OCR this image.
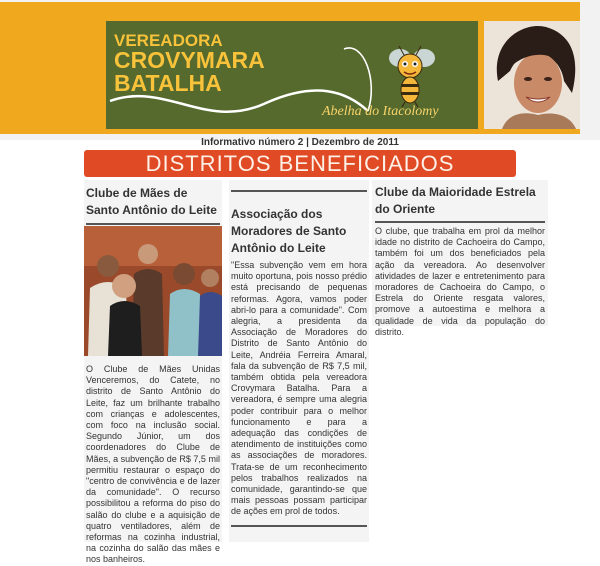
VEREADORA
CROVYMARA
BATALHA
Abelha do Itacolomy
Informativo número 2 | Dezembro de 2011
DISTRITOS BENEFICIADOS
Clube de Mães de Santo Antônio do Leite
O Clube de Mães Unidas Venceremos, do Catete, no distrito de Santo Antônio do Leite, faz um brilhante trabalho com crianças e adolescentes, com foco na inclusão social. Segundo Júnior, um dos coordenadores do Clube de Mães, a subvenção de R$ 7,5 mil permitiu restaurar o espaço do "centro de convivência e de lazer da comunidade". O recurso possibilitou a reforma do piso do salão do clube e a aquisição de quatro ventiladores, além de reformas na cozinha industrial, na cozinha do salão das mães e nos banheiros.
Associação dos Moradores de Santo Antônio do Leite
"Essa subvenção vem em hora muito oportuna, pois nosso prédio está precisando de pequenas reformas. Agora, vamos poder abri-lo para a comunidade". Com alegria, a presidenta da Associação de Moradores do Distrito de Santo Antônio do Leite, Andréia Ferreira Amaral, fala da subvenção de R$ 7,5 mil, também obtida pela vereadora Crovymara Batalha. Para a vereadora, é sempre uma alegria poder contribuir para o melhor funcionamento e para a adequação das condições de atendimento de instituições como as associações de moradores. Trata-se de um reconhecimento pelos trabalhos realizados na comunidade, garantindo-se que mais pessoas possam participar de ações em prol de todos.
Clube da Maioridade Estrela do Oriente
O clube, que trabalha em prol da melhor idade no distrito de Cachoeira do Campo, também foi um dos beneficiados pela ação da vereadora. Ao desenvolver atividades de lazer e entretenimento para moradores de Cachoeira do Campo, o Estrela do Oriente resgata valores, promove a autoestima e melhora a qualidade de vida da população do distrito.
